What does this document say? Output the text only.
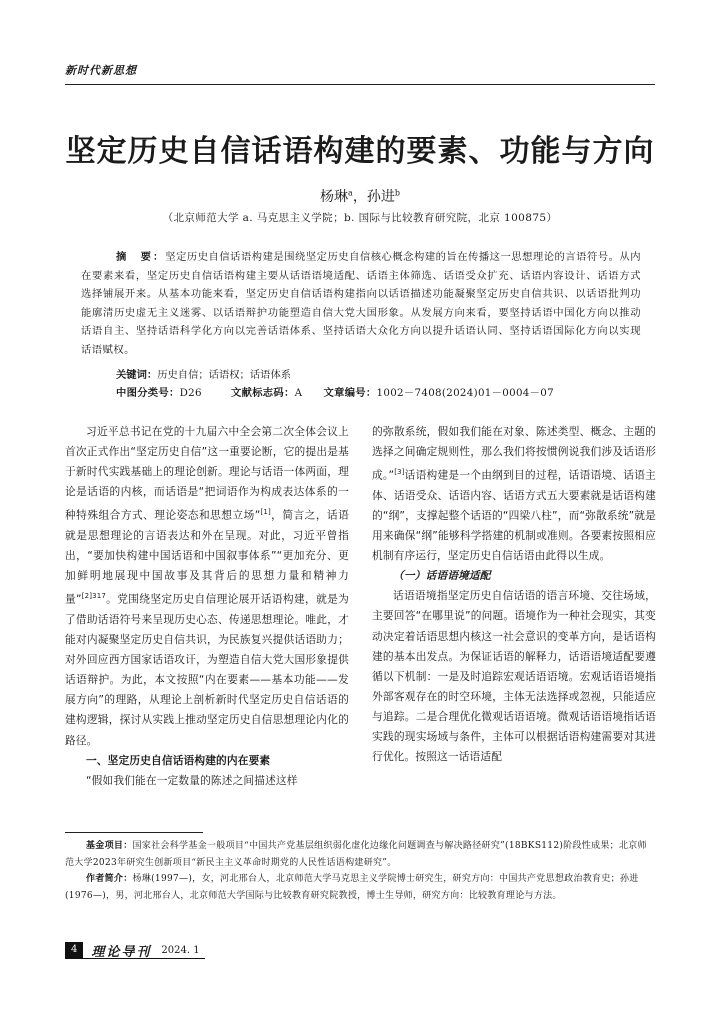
新时代新思想
坚定历史自信话语构建的要素、功能与方向
杨琳$^a$，孙进$^b$
（北京师范大学 a. 马克思主义学院；b. 国际与比较教育研究院，北京 100875）
摘　要：坚定历史自信话语构建是围绕坚定历史自信核心概念构建的旨在传播这一思想理论的言语符号。从内在要素来看，坚定历史自信话语构建主要从话语语境适配、话语主体筛选、话语受众扩充、话语内容设计、话语方式选择铺展开来。从基本功能来看，坚定历史自信话语构建指向以话语描述功能凝聚坚定历史自信共识、以话语批判功能廓清历史虚无主义迷雾、以话语辩护功能塑造自信大党大国形象。从发展方向来看，要坚持话语中国化方向以推动话语自主、坚持话语科学化方向以完善话语体系、坚持话语大众化方向以提升话语认同、坚持话语国际化方向以实现话语赋权。
关键词：历史自信；话语权；话语体系
中图分类号：D26	文献标志码：A 文章编号：1002－7408(2024)01－0004－07

习近平总书记在党的十九届六中全会第二次全体会议上首次正式作出“坚定历史自信”这一重要论断，它的提出是基于新时代实践基础上的理论创新。理论与话语一体两面，理论是话语的内核，而话语是“把词语作为构成表达体系的一种特殊组合方式、理论姿态和思想立场”[1]，简言之，话语就是思想理论的言语表达和外在呈现。对此，习近平曾指出，“要加快构建中国话语和中国叙事体系”“更加充分、更加鲜明地展现中国故事及其背后的思想力量和精神力量”$^{[2]317}$。党围绕坚定历史自信理论展开话语构建，就是为了借助话语符号来呈现历史心态、传递思想理论。唯此，才能对内凝聚坚定历史自信共识，为民族复兴提供话语助力；对外回应西方国家话语攻讦，为塑造自信大党大国形象提供话语辩护。为此，本文按照“内在要素——基本功能——发展方向”的理路，从理论上剖析新时代坚定历史自信话语的建构逻辑，探讨从实践上推动坚定历史自信思想理论内化的路径。

一、坚定历史自信话语构建的内在要素

“假如我们能在一定数量的陈述之间描述这样

的弥散系统，假如我们能在对象、陈述类型、概念、主题的选择之间确定规则性，那么我们将按惯例说我们涉及话语形成。”[3]话语构建是一个由纲到目的过程，话语语境、话语主体、话语受众、话语内容、话语方式五大要素就是话语构建的“纲”，支撑起整个话语的“四梁八柱”，而“弥散系统”就是用来确保“纲”能够科学搭建的机制或准则。各要素按照相应机制有序运行，坚定历史自信话语由此得以生成。

（一）话语语境适配

话语语境指坚定历史自信话语的语言环境、交往场域，主要回答“在哪里说”的问题。语境作为一种社会现实，其变动决定着话语思想内核这一社会意识的变革方向，是话语构建的基本出发点。为保证话语的解释力，话语语境适配要遵循以下机制：一是及时追踪宏观话语语境。宏观话语语境指外部客观存在的时空环境，主体无法选择或忽视，只能适应与追踪。二是合理优化微观话语语境。微观话语语境指话语实践的现实场域与条件，主体可以根据话语构建需要对其进行优化。按照这一话语适配

基金项目：国家社会科学基金一般项目“中国共产党基层组织弱化虚化边缘化问题调查与解决路径研究”(18BKS112)阶段性成果；北京师范大学2023年研究生创新项目“新民主主义革命时期党的人民性话语构建研究”。

作者简介：杨琳(1997—)，女，河北邢台人，北京师范大学马克思主义学院博士研究生，研究方向：中国共产党思想政治教育史；孙进(1976—)，男，河北邢台人，北京师范大学国际与比较教育研究院教授，博士生导师，研究方向：比较教育理论与方法。

4	理论导刊 2024. 1
